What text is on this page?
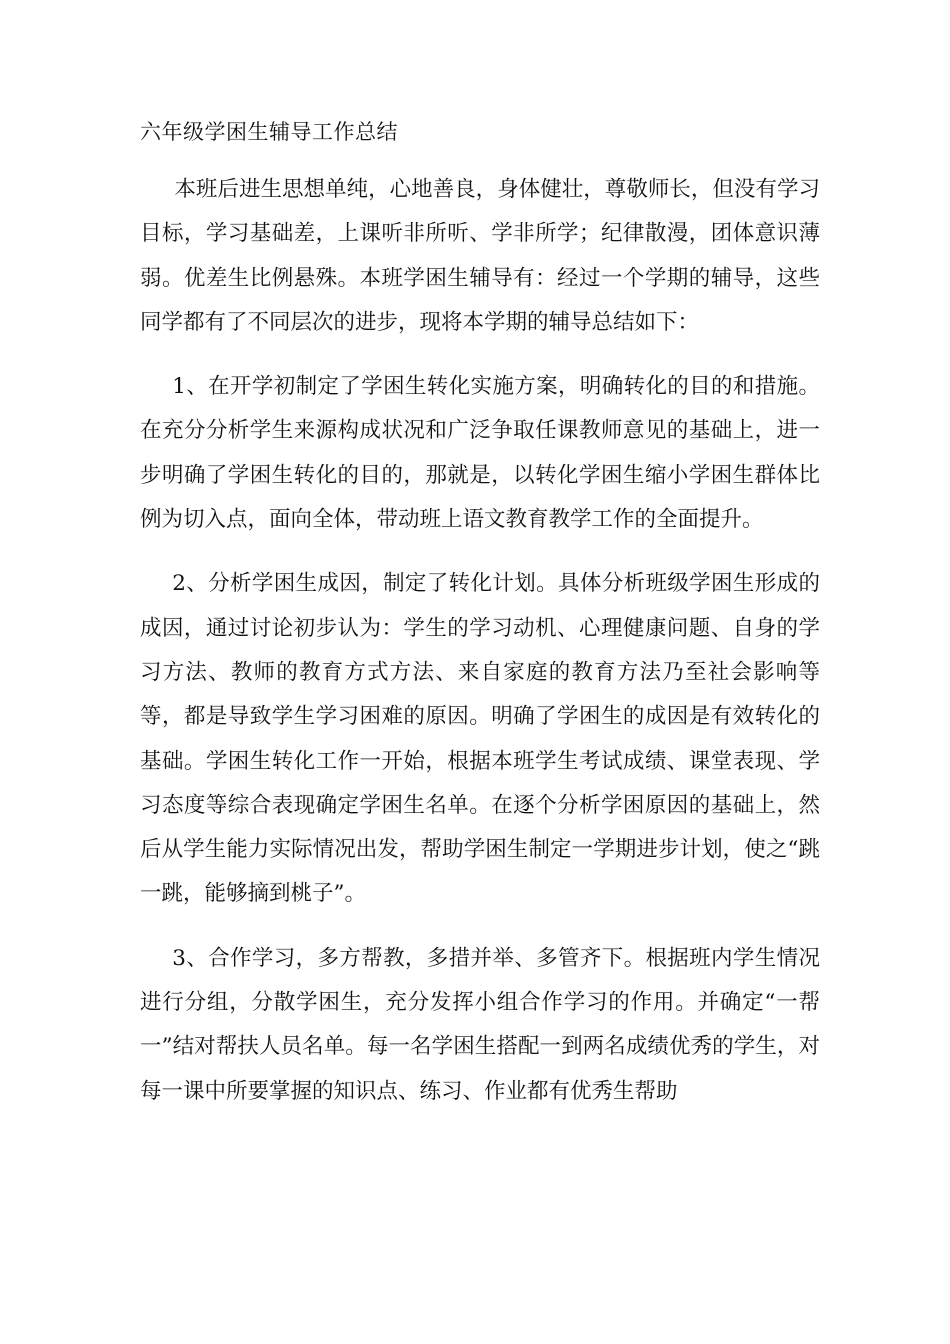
六年级学困生辅导工作总结

本班后进生思想单纯，心地善良，身体健壮，尊敬师长，但没有学习目标，学习基础差，上课听非所听、学非所学；纪律散漫，团体意识薄弱。优差生比例悬殊。本班学困生辅导有：经过一个学期的辅导，这些同学都有了不同层次的进步，现将本学期的辅导总结如下：

1、在开学初制定了学困生转化实施方案，明确转化的目的和措施。在充分分析学生来源构成状况和广泛争取任课教师意见的基础上，进一步明确了学困生转化的目的，那就是，以转化学困生缩小学困生群体比例为切入点，面向全体，带动班上语文教育教学工作的全面提升。

2、分析学困生成因，制定了转化计划。具体分析班级学困生形成的成因，通过讨论初步认为：学生的学习动机、心理健康问题、自身的学习方法、教师的教育方式方法、来自家庭的教育方法乃至社会影响等等，都是导致学生学习困难的原因。明确了学困生的成因是有效转化的基础。学困生转化工作一开始，根据本班学生考试成绩、课堂表现、学习态度等综合表现确定学困生名单。在逐个分析学困原因的基础上，然后从学生能力实际情况出发，帮助学困生制定一学期进步计划，使之“跳一跳，能够摘到桃子”。

3、合作学习，多方帮教，多措并举、多管齐下。根据班内学生情况进行分组，分散学困生，充分发挥小组合作学习的作用。并确定“一帮一”结对帮扶人员名单。每一名学困生搭配一到两名成绩优秀的学生，对每一课中所要掌握的知识点、练习、作业都有优秀生帮助
